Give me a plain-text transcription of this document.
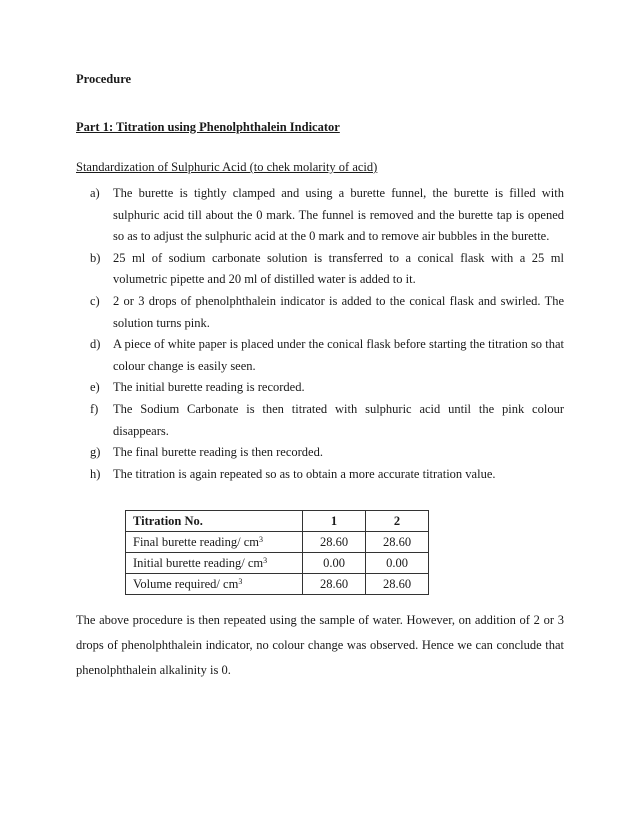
Procedure
Part 1: Titration using Phenolphthalein Indicator
Standardization of Sulphuric Acid (to chek molarity of acid)
a) The burette is tightly clamped and using a burette funnel, the burette is filled with sulphuric acid till about the 0 mark. The funnel is removed and the burette tap is opened so as to adjust the sulphuric acid at the 0 mark and to remove air bubbles in the burette.
b) 25 ml of sodium carbonate solution is transferred to a conical flask with a 25 ml volumetric pipette and 20 ml of distilled water is added to it.
c) 2 or 3 drops of phenolphthalein indicator is added to the conical flask and swirled. The solution turns pink.
d) A piece of white paper is placed under the conical flask before starting the titration so that colour change is easily seen.
e) The initial burette reading is recorded.
f) The Sodium Carbonate is then titrated with sulphuric acid until the pink colour disappears.
g) The final burette reading is then recorded.
h) The titration is again repeated so as to obtain a more accurate titration value.
Titration No.	1	2
Final burette reading/ $cm^3$	28.60	28.60
Initial burette reading/ $cm^3$	0.00	0.00
Volume required/ $cm^3$	28.60	28.60

The above procedure is then repeated using the sample of water. However, on addition of 2 or 3 drops of phenolphthalein indicator, no colour change was observed. Hence we can conclude that phenolphthalein alkalinity is 0.
